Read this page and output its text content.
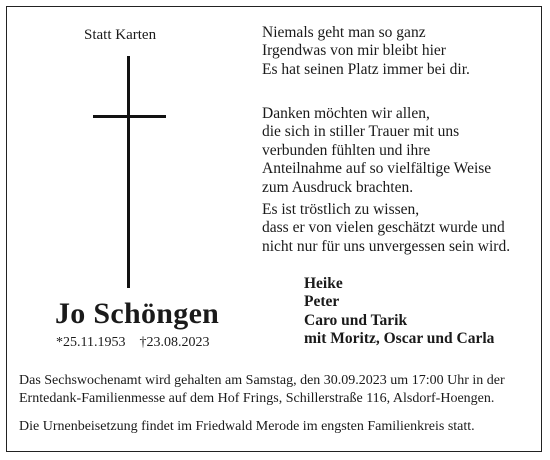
Statt Karten
Jo Schöngen
*25.11.1953 †23.08.2023
Niemals geht man so ganz
Irgendwas von mir bleibt hier
Es hat seinen Platz immer bei dir.
Danken möchten wir allen,
die sich in stiller Trauer mit uns
verbunden fühlten und ihre
Anteilnahme auf so vielfältige Weise
zum Ausdruck brachten.
Es ist tröstlich zu wissen,
dass er von vielen geschätzt wurde und
nicht nur für uns unvergessen sein wird.
Heike
Peter
Caro und Tarik
mit Moritz, Oscar und Carla
Das Sechswochenamt wird gehalten am Samstag, den 30.09.2023 um 17:00 Uhr in der
Erntedank-Familienmesse auf dem Hof Frings, Schillerstraße 116, Alsdorf-Hoengen.
Die Urnenbeisetzung findet im Friedwald Merode im engsten Familienkreis statt.
